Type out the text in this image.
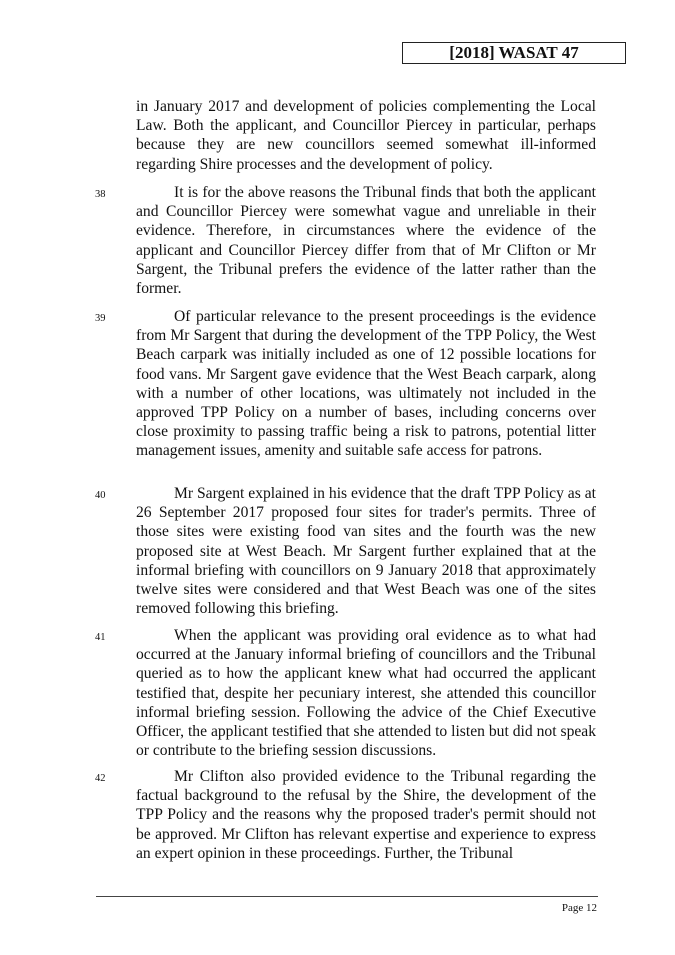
[2018] WASAT 47
in January 2017 and development of policies complementing the Local Law. Both the applicant, and Councillor Piercey in particular, perhaps because they are new councillors seemed somewhat ill-informed regarding Shire processes and the development of policy.
38	It is for the above reasons the Tribunal finds that both the applicant and Councillor Piercey were somewhat vague and unreliable in their evidence. Therefore, in circumstances where the evidence of the applicant and Councillor Piercey differ from that of Mr Clifton or Mr Sargent, the Tribunal prefers the evidence of the latter rather than the former.
39	Of particular relevance to the present proceedings is the evidence from Mr Sargent that during the development of the TPP Policy, the West Beach carpark was initially included as one of 12 possible locations for food vans. Mr Sargent gave evidence that the West Beach carpark, along with a number of other locations, was ultimately not included in the approved TPP Policy on a number of bases, including concerns over close proximity to passing traffic being a risk to patrons, potential litter management issues, amenity and suitable safe access for patrons.
40	Mr Sargent explained in his evidence that the draft TPP Policy as at 26 September 2017 proposed four sites for trader's permits. Three of those sites were existing food van sites and the fourth was the new proposed site at West Beach. Mr Sargent further explained that at the informal briefing with councillors on 9 January 2018 that approximately twelve sites were considered and that West Beach was one of the sites removed following this briefing.
41	When the applicant was providing oral evidence as to what had occurred at the January informal briefing of councillors and the Tribunal queried as to how the applicant knew what had occurred the applicant testified that, despite her pecuniary interest, she attended this councillor informal briefing session. Following the advice of the Chief Executive Officer, the applicant testified that she attended to listen but did not speak or contribute to the briefing session discussions.
42	Mr Clifton also provided evidence to the Tribunal regarding the factual background to the refusal by the Shire, the development of the TPP Policy and the reasons why the proposed trader's permit should not be approved. Mr Clifton has relevant expertise and experience to express an expert opinion in these proceedings. Further, the Tribunal
Page 12
